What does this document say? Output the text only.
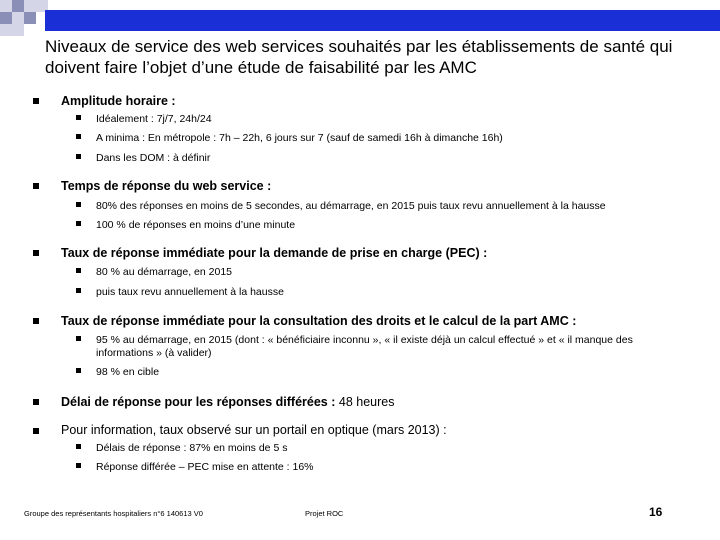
Niveaux de service des web services souhaités par les établissements de santé qui doivent faire l’objet d’une étude de faisabilité par les AMC
Amplitude horaire :
Idéalement : 7j/7, 24h/24
A minima : En métropole : 7h – 22h, 6 jours sur 7 (sauf de samedi 16h à dimanche 16h)
Dans les DOM : à définir
Temps de réponse du web service :
80% des réponses en moins de 5 secondes, au démarrage, en 2015 puis taux revu annuellement à la hausse
100 % de réponses en moins d’une minute
Taux de réponse immédiate pour la demande de prise en charge (PEC) :
80 % au démarrage, en 2015
puis taux revu annuellement à la hausse
Taux de réponse immédiate pour la consultation des droits et le calcul de la part AMC :
95 % au démarrage, en 2015 (dont : « bénéficiaire inconnu », « il existe déjà un calcul effectué » et « il manque des informations » (à valider)
98 % en cible
Délai de réponse pour les réponses différées : 48 heures
Pour information, taux observé sur un portail en optique (mars 2013) :
Délais de réponse : 87% en moins de 5 s
Réponse différée – PEC mise en attente : 16%
Groupe des représentants hospitaliers n°6 140613 V0	Projet ROC	16
